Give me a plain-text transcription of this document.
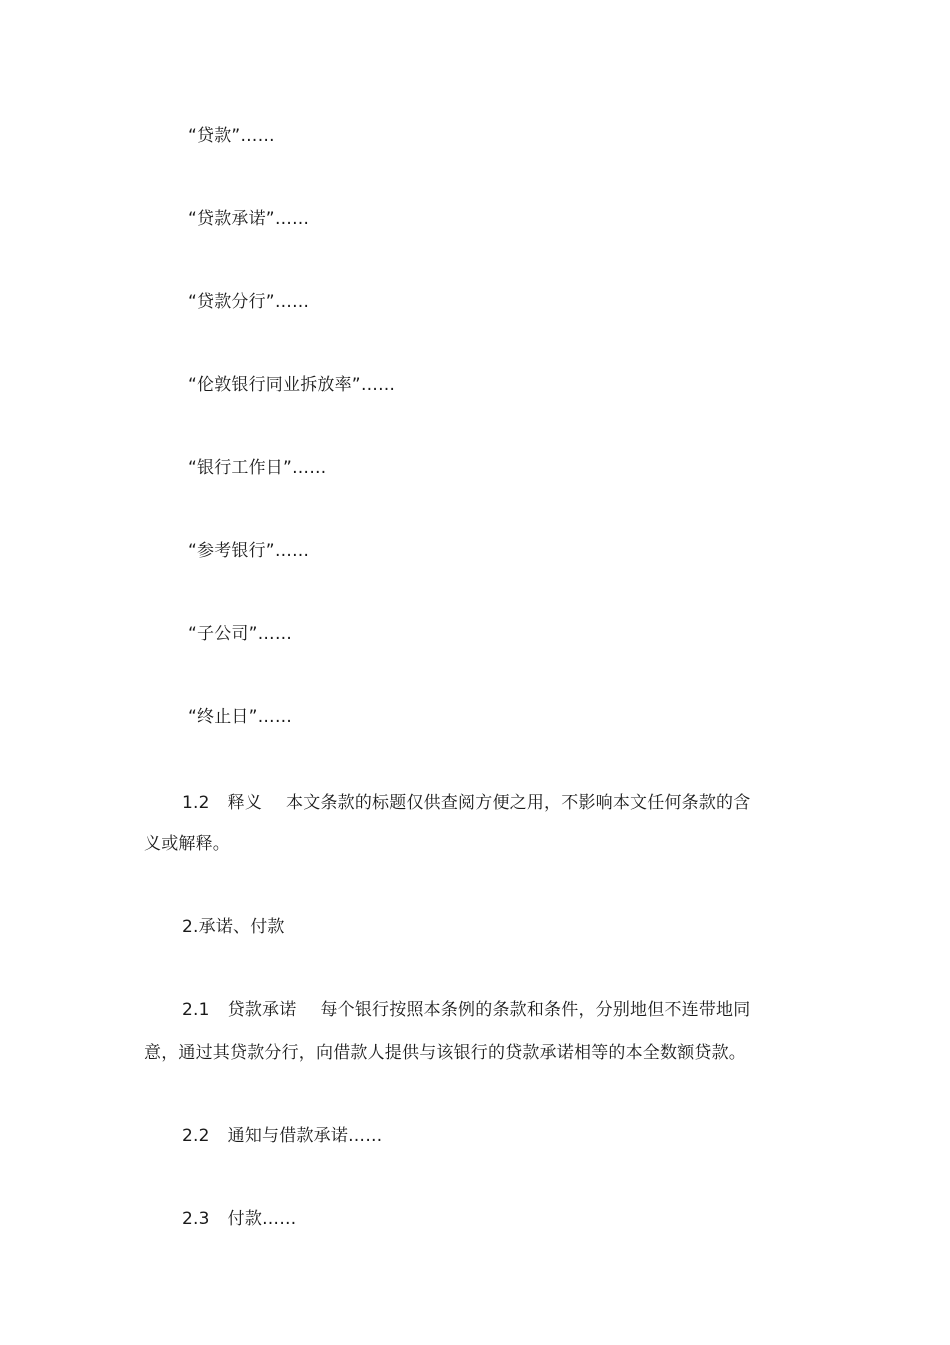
“贷款”……
“贷款承诺”……
“贷款分行”……
“伦敦银行同业拆放率”……
“银行工作日”……
“参考银行”……
“子公司”……
“终止日”……
1.2 释义 本文条款的标题仅供查阅方便之用，不影响本文任何条款的含
义或解释。
2.承诺、付款
2.1 贷款承诺 每个银行按照本条例的条款和条件，分别地但不连带地同
意，通过其贷款分行，向借款人提供与该银行的贷款承诺相等的本全数额贷款。
2.2 通知与借款承诺……
2.3 付款……
